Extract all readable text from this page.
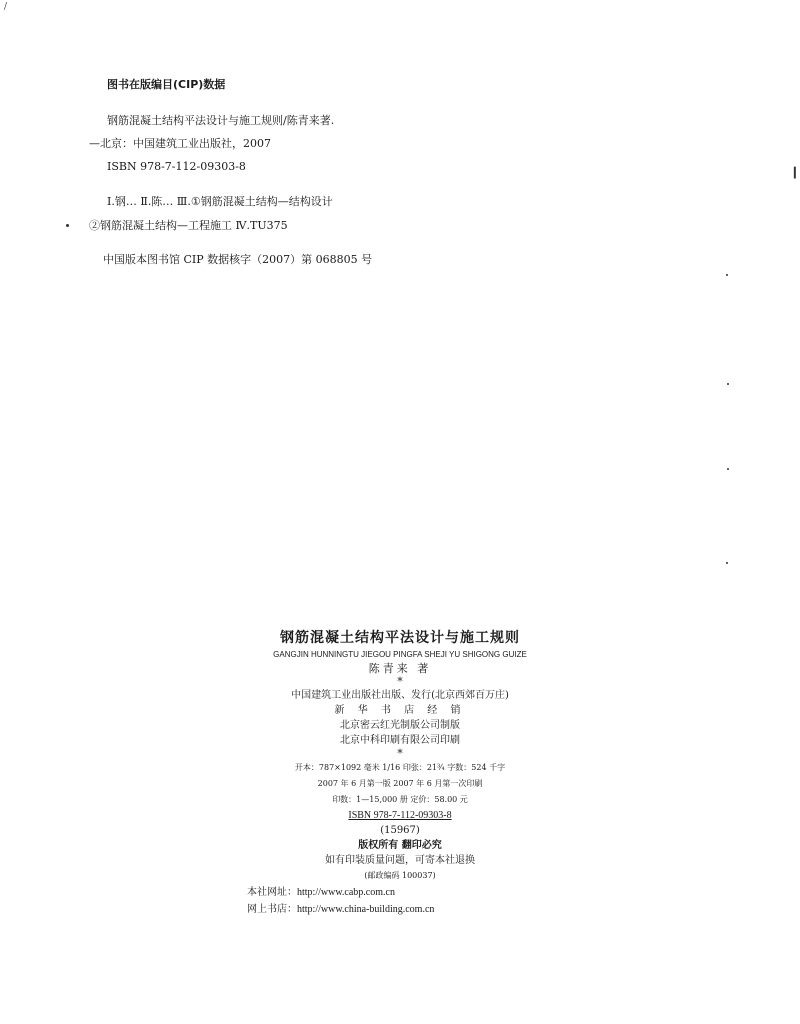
/
图书在版编目(CIP)数据
钢筋混凝土结构平法设计与施工规则/陈青来著.
—北京：中国建筑工业出版社，2007
ISBN 978-7-112-09303-8
Ⅰ.钢… Ⅱ.陈… Ⅲ.①钢筋混凝土结构—结构设计
②钢筋混凝土结构—工程施工 Ⅳ.TU375
中国版本图书馆 CIP 数据核字（2007）第 068805 号
▌
钢筋混凝土结构平法设计与施工规则
GANGJIN HUNNINGTU JIEGOU PINGFA SHEJI YU SHIGONG GUIZE
陈青来 著
*
中国建筑工业出版社出版、发行(北京西郊百万庄)
新 华 书 店 经 销
北京密云红光制版公司制版
北京中科印刷有限公司印刷
*
开本：787×1092 毫米 1/16 印张：21¾ 字数：524 千字
2007 年 6 月第一版 2007 年 6 月第一次印刷
印数：1—15,000 册 定价：58.00 元
ISBN 978-7-112-09303-8
(15967)
版权所有 翻印必究
如有印装质量问题，可寄本社退换
(邮政编码 100037)
本社网址：http://www.cabp.com.cn
网上书店：http://www.china-building.com.cn
